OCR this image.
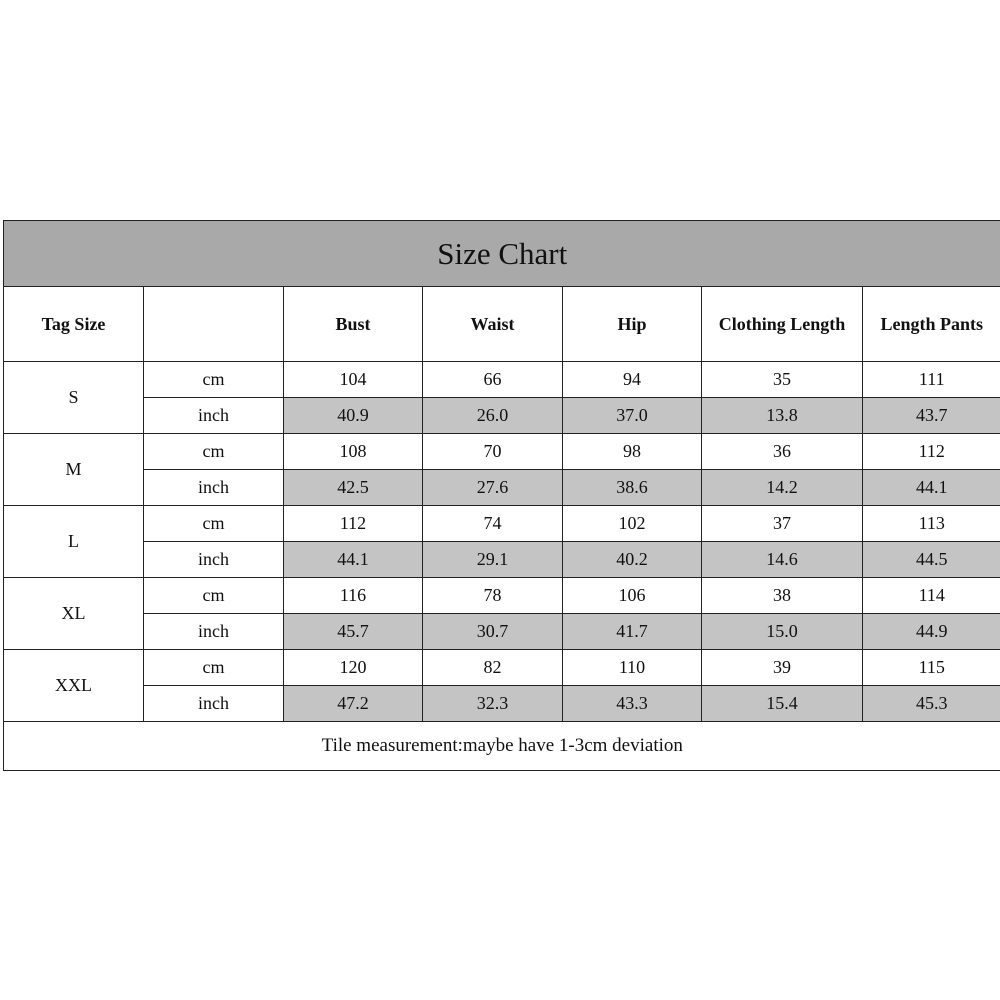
Size Chart						
Tag Size		Bust	Waist	Hip	Clothing Length	Length Pants
S	cm	104	66	94	35	111
	inch	40.9	26.0	37.0	13.8	43.7
M	cm	108	70	98	36	112
	inch	42.5	27.6	38.6	14.2	44.1
L	cm	112	74	102	37	113
	inch	44.1	29.1	40.2	14.6	44.5
XL	cm	116	78	106	38	114
	inch	45.7	30.7	41.7	15.0	44.9
XXL	cm	120	82	110	39	115
	inch	47.2	32.3	43.3	15.4	45.3
Tile measurement:maybe have 1-3cm deviation						
